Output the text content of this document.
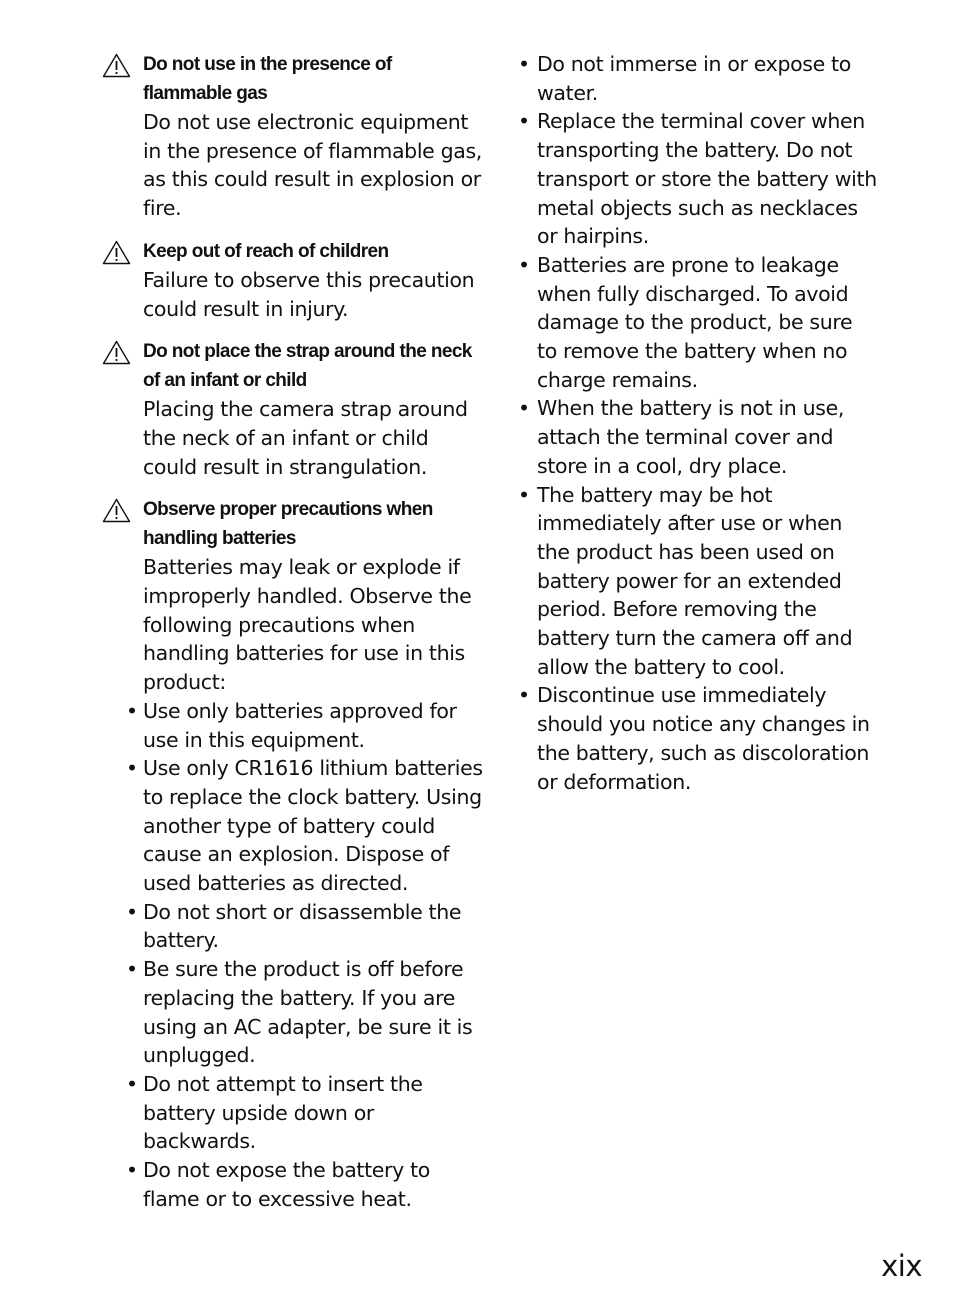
Do not use in the presence of flammable gas
Do not use electronic equipment in the presence of flammable gas, as this could result in explosion or fire.
Keep out of reach of children
Failure to observe this precaution could result in injury.
Do not place the strap around the neck of an infant or child
Placing the camera strap around the neck of an infant or child could result in strangulation.
Observe proper precautions when handling batteries
Batteries may leak or explode if improperly handled. Observe the following precautions when handling batteries for use in this product:
• Use only batteries approved for use in this equipment.
• Use only CR1616 lithium batteries to replace the clock battery. Using another type of battery could cause an explosion. Dispose of used batteries as directed.
• Do not short or disassemble the battery.
• Be sure the product is off before replacing the battery. If you are using an AC adapter, be sure it is unplugged.
• Do not attempt to insert the battery upside down or backwards.
• Do not expose the battery to flame or to excessive heat.
• Do not immerse in or expose to water.
• Replace the terminal cover when transporting the battery. Do not transport or store the battery with metal objects such as necklaces or hairpins.
• Batteries are prone to leakage when fully discharged. To avoid damage to the product, be sure to remove the battery when no charge remains.
• When the battery is not in use, attach the terminal cover and store in a cool, dry place.
• The battery may be hot immediately after use or when the product has been used on battery power for an extended period. Before removing the battery turn the camera off and allow the battery to cool.
• Discontinue use immediately should you notice any changes in the battery, such as discoloration or deformation.
xix
